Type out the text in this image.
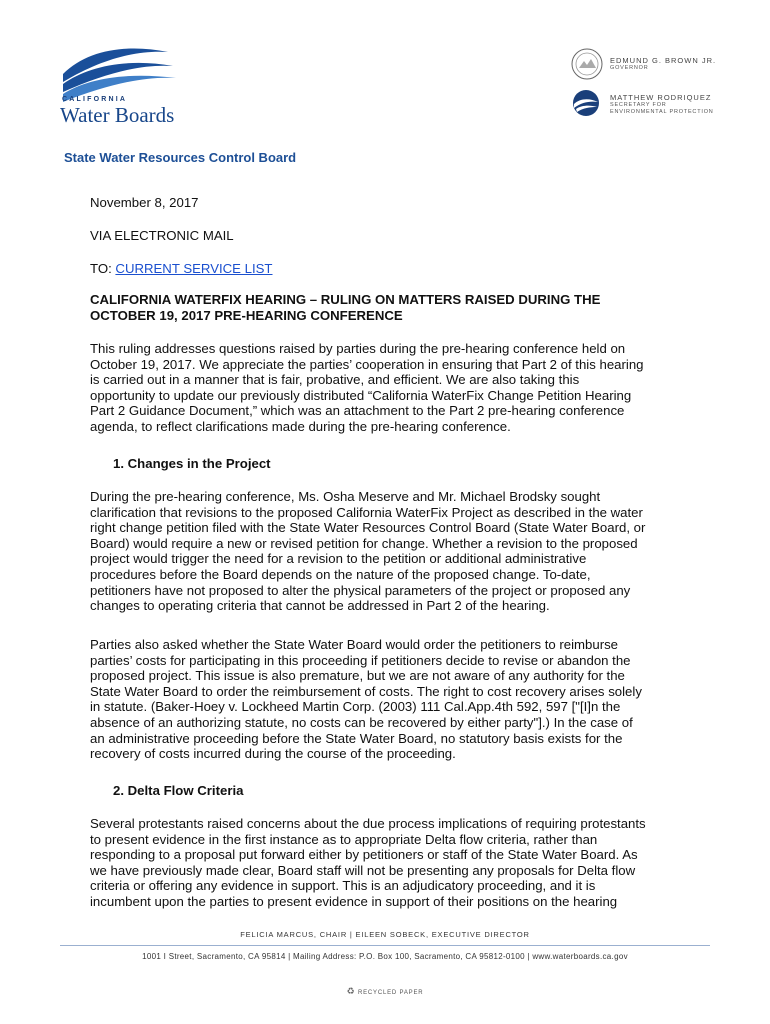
CALIFORNIA
Water Boards
EDMUND G. BROWN JR.
GOVERNOR
MATTHEW RODRIQUEZ
SECRETARY FOR
ENVIRONMENTAL PROTECTION
State Water Resources Control Board
November 8, 2017
VIA ELECTRONIC MAIL
TO: CURRENT SERVICE LIST
CALIFORNIA WATERFIX HEARING – RULING ON MATTERS RAISED DURING THE
OCTOBER 19, 2017 PRE-HEARING CONFERENCE
This ruling addresses questions raised by parties during the pre-hearing conference held on
October 19, 2017. We appreciate the parties’ cooperation in ensuring that Part 2 of this hearing
is carried out in a manner that is fair, probative, and efficient. We are also taking this
opportunity to update our previously distributed “California WaterFix Change Petition Hearing
Part 2 Guidance Document,” which was an attachment to the Part 2 pre-hearing conference
agenda, to reflect clarifications made during the pre-hearing conference.
1. Changes in the Project
During the pre-hearing conference, Ms. Osha Meserve and Mr. Michael Brodsky sought
clarification that revisions to the proposed California WaterFix Project as described in the water
right change petition filed with the State Water Resources Control Board (State Water Board, or
Board) would require a new or revised petition for change. Whether a revision to the proposed
project would trigger the need for a revision to the petition or additional administrative
procedures before the Board depends on the nature of the proposed change. To-date,
petitioners have not proposed to alter the physical parameters of the project or proposed any
changes to operating criteria that cannot be addressed in Part 2 of the hearing.
Parties also asked whether the State Water Board would order the petitioners to reimburse
parties’ costs for participating in this proceeding if petitioners decide to revise or abandon the
proposed project. This issue is also premature, but we are not aware of any authority for the
State Water Board to order the reimbursement of costs. The right to cost recovery arises solely
in statute. (Baker-Hoey v. Lockheed Martin Corp. (2003) 111 Cal.App.4th 592, 597 ["[I]n the
absence of an authorizing statute, no costs can be recovered by either party"].) In the case of
an administrative proceeding before the State Water Board, no statutory basis exists for the
recovery of costs incurred during the course of the proceeding.
2. Delta Flow Criteria
Several protestants raised concerns about the due process implications of requiring protestants
to present evidence in the first instance as to appropriate Delta flow criteria, rather than
responding to a proposal put forward either by petitioners or staff of the State Water Board. As
we have previously made clear, Board staff will not be presenting any proposals for Delta flow
criteria or offering any evidence in support. This is an adjudicatory proceeding, and it is
incumbent upon the parties to present evidence in support of their positions on the hearing
FELICIA MARCUS, CHAIR | EILEEN SOBECK, EXECUTIVE DIRECTOR
1001 I Street, Sacramento, CA 95814 | Mailing Address: P.O. Box 100, Sacramento, CA 95812-0100 | www.waterboards.ca.gov
♻ RECYCLED PAPER
